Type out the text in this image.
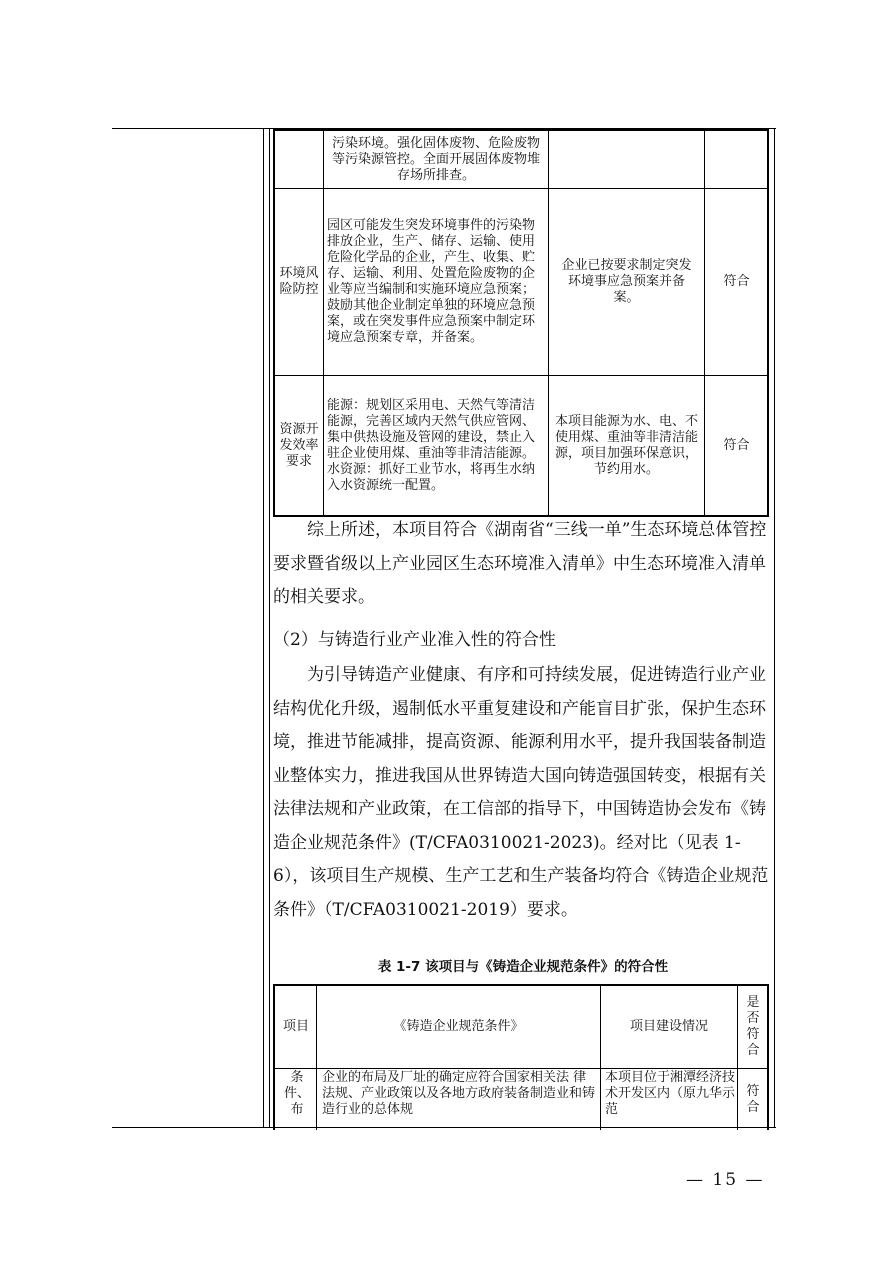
污染环境。强化固体废物、危险废物等污染源管控。全面开展固体废物堆存场所排查。
环境风险防控
园区可能发生突发环境事件的污染物排放企业，生产、储存、运输、使用危险化学品的企业，产生、收集、贮存、运输、利用、处置危险废物的企业等应当编制和实施环境应急预案；鼓励其他企业制定单独的环境应急预案，或在突发事件应急预案中制定环境应急预案专章，并备案。
企业已按要求制定突发环境事应急预案并备案。
符合
资源开发效率要求
能源：规划区采用电、天然气等清洁能源，完善区域内天然气供应管网、集中供热设施及管网的建设，禁止入驻企业使用煤、重油等非清洁能源。水资源：抓好工业节水，将再生水纳入水资源统一配置。
本项目能源为水、电、不使用煤、重油等非清洁能源，项目加强环保意识，节约用水。
符合
综上所述，本项目符合《湖南省“三线一单”生态环境总体管控要求暨省级以上产业园区生态环境准入清单》中生态环境准入清单的相关要求。
（2）与铸造行业产业准入性的符合性
为引导铸造产业健康、有序和可持续发展，促进铸造行业产业结构优化升级，遏制低水平重复建设和产能盲目扩张，保护生态环境，推进节能减排，提高资源、能源利用水平，提升我国装备制造业整体实力，推进我国从世界铸造大国向铸造强国转变，根据有关法律法规和产业政策，在工信部的指导下，中国铸造协会发布《铸造企业规范条件》(T/CFA0310021-2023)。经对比（见表 1-6），该项目生产规模、生产工艺和生产装备均符合《铸造企业规范条件》（T/CFA0310021-2019）要求。
表 1-7 该项目与《铸造企业规范条件》的符合性
项目	《铸造企业规范条件》	项目建设情况
是否符合
条件、布
企业的布局及厂址的确定应符合国家相关法 律法规、产业政策以及各地方政府装备制造业和铸造行业的总体规
本项目位于湘潭经济技术开发区内（原九华示范
符合
— 15 —
